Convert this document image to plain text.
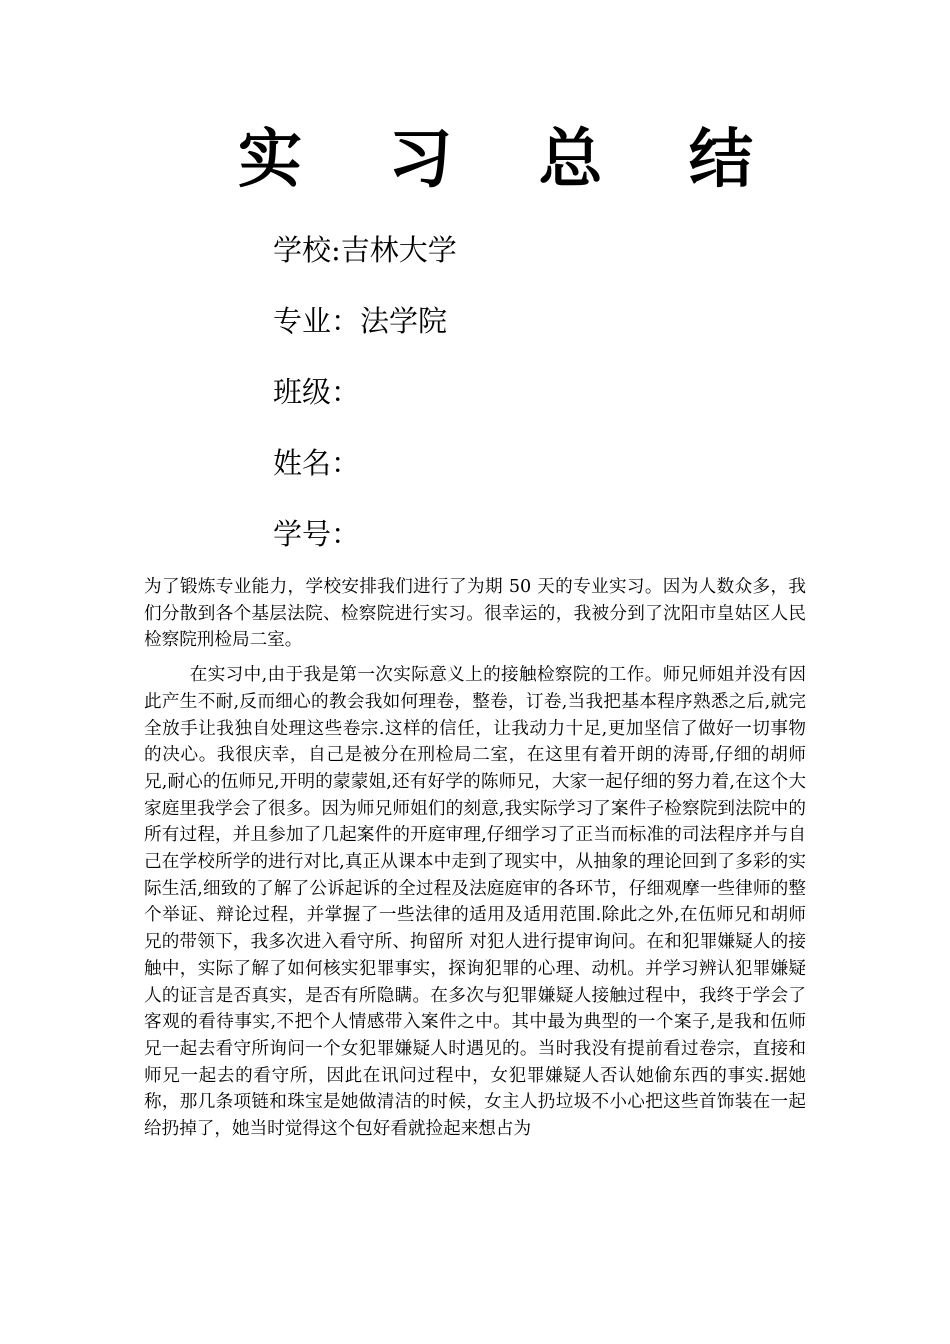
实 习 总 结
学校:吉林大学
专业：法学院
班级：
姓名：
学号：

为了锻炼专业能力，学校安排我们进行了为期 50 天的专业实习。因为人数众多，我们分散到各个基层法院、检察院进行实习。很幸运的，我被分到了沈阳市皇姑区人民检察院刑检局二室。

在实习中,由于我是第一次实际意义上的接触检察院的工作。师兄师姐并没有因此产生不耐,反而细心的教会我如何理卷，整卷，订卷,当我把基本程序熟悉之后,就完全放手让我独自处理这些卷宗.这样的信任，让我动力十足,更加坚信了做好一切事物的决心。我很庆幸，自己是被分在刑检局二室，在这里有着开朗的涛哥,仔细的胡师兄,耐心的伍师兄,开明的蒙蒙姐,还有好学的陈师兄，大家一起仔细的努力着,在这个大家庭里我学会了很多。因为师兄师姐们的刻意,我实际学习了案件子检察院到法院中的所有过程，并且参加了几起案件的开庭审理,仔细学习了正当而标准的司法程序并与自己在学校所学的进行对比,真正从课本中走到了现实中，从抽象的理论回到了多彩的实际生活,细致的了解了公诉起诉的全过程及法庭庭审的各环节，仔细观摩一些律师的整个举证、辩论过程，并掌握了一些法律的适用及适用范围.除此之外,在伍师兄和胡师兄的带领下，我多次进入看守所、拘留所 对犯人进行提审询问。在和犯罪嫌疑人的接触中，实际了解了如何核实犯罪事实，探询犯罪的心理、动机。并学习辨认犯罪嫌疑人的证言是否真实，是否有所隐瞒。在多次与犯罪嫌疑人接触过程中，我终于学会了客观的看待事实,不把个人情感带入案件之中。其中最为典型的一个案子,是我和伍师兄一起去看守所询问一个女犯罪嫌疑人时遇见的。当时我没有提前看过卷宗，直接和师兄一起去的看守所，因此在讯问过程中，女犯罪嫌疑人否认她偷东西的事实.据她称，那几条项链和珠宝是她做清洁的时候，女主人扔垃圾不小心把这些首饰装在一起给扔掉了，她当时觉得这个包好看就捡起来想占为
